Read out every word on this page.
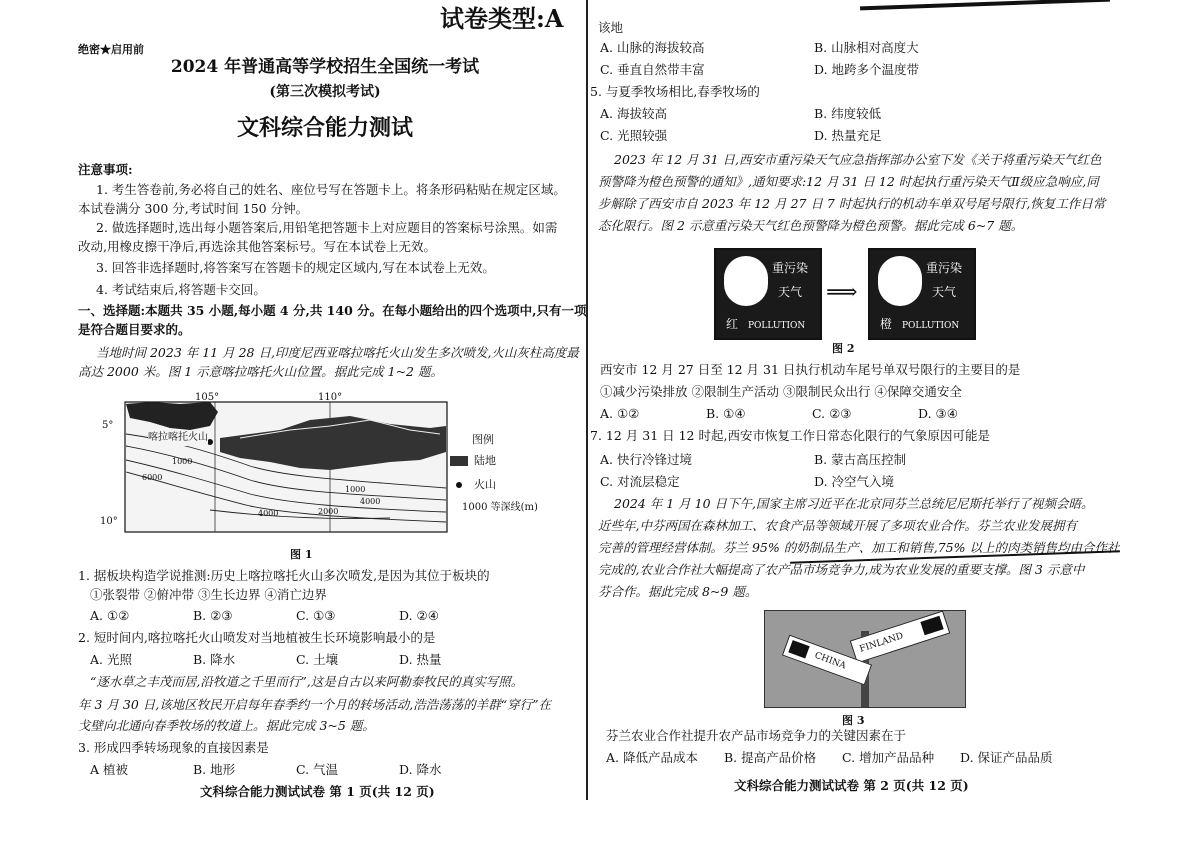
试卷类型:A
绝密★启用前
2024 年普通高等学校招生全国统一考试
(第三次模拟考试)
文科综合能力测试
注意事项:
1. 考生答卷前,务必将自己的姓名、座位号写在答题卡上。将条形码粘贴在规定区域。
本试卷满分 300 分,考试时间 150 分钟。
2. 做选择题时,选出每小题答案后,用铅笔把答题卡上对应题目的答案标号涂黑。如需
改动,用橡皮擦干净后,再选涂其他答案标号。写在本试卷上无效。
3. 回答非选择题时,将答案写在答题卡的规定区域内,写在本试卷上无效。
4. 考试结束后,将答题卡交回。
一、选择题:本题共 35 小题,每小题 4 分,共 140 分。在每小题给出的四个选项中,只有一项
是符合题目要求的。
当地时间 2023 年 11 月 28 日,印度尼西亚喀拉喀托火山发生多次喷发,火山灰柱高度最
高达 2000 米。图 1 示意喀拉喀托火山位置。据此完成 1~2 题。
105°	110°
5°
10°
喀拉喀托火山
1000
1000
4000
2000
4000
6000
图例
陆地
火山
1000 等深线(m)
图 1
1. 据板块构造学说推测:历史上喀拉喀托火山多次喷发,是因为其位于板块的
①张裂带 ②俯冲带 ③生长边界 ④消亡边界
A. ①②	B. ②③	C. ①③	D. ②④
2. 短时间内,喀拉喀托火山喷发对当地植被生长环境影响最小的是
A. 光照	B. 降水	C. 土壤	D. 热量
“逐水草之丰茂而居,沿牧道之千里而行”,这是自古以来阿勒泰牧民的真实写照。
年 3 月 30 日,该地区牧民开启每年春季约一个月的转场活动,浩浩荡荡的羊群“穿行”在
戈壁向北通向春季牧场的牧道上。据此完成 3~5 题。
3. 形成四季转场现象的直接因素是
A 植被	B. 地形	C. 气温	D. 降水
文科综合能力测试试卷 第 1 页(共 12 页)
该地
A. 山脉的海拔较高	B. 山脉相对高度大
C. 垂直自然带丰富	D. 地跨多个温度带
5. 与夏季牧场相比,春季牧场的
A. 海拔较高	B. 纬度较低
C. 光照较强	D. 热量充足
2023 年 12 月 31 日,西安市重污染天气应急指挥部办公室下发《关于将重污染天气红色
预警降为橙色预警的通知》,通知要求:12 月 31 日 12 时起执行重污染天气Ⅱ级应急响应,同
步解除了西安市自 2023 年 12 月 27 日 7 时起执行的机动车单双号尾号限行,恢复工作日常
态化限行。图 2 示意重污染天气红色预警降为橙色预警。据此完成 6~7 题。
重污染
天气
红 POLLUTION
⟹
重污染
天气
橙 POLLUTION
图 2
西安市 12 月 27 日至 12 月 31 日执行机动车尾号单双号限行的主要目的是
①减少污染排放 ②限制生产活动 ③限制民众出行 ④保障交通安全
A. ①②	B. ①④	C. ②③	D. ③④
7. 12 月 31 日 12 时起,西安市恢复工作日常态化限行的气象原因可能是
A. 快行冷锋过境	B. 蒙古高压控制
C. 对流层稳定	D. 冷空气入境
2024 年 1 月 10 日下午,国家主席习近平在北京同芬兰总统尼尼斯托举行了视频会晤。
近些年,中芬两国在森林加工、农食产品等领域开展了多项农业合作。芬兰农业发展拥有
完善的管理经营体制。芬兰 95% 的奶制品生产、加工和销售,75% 以上的肉类销售均由合作社
完成的,农业合作社大幅提高了农产品市场竞争力,成为农业发展的重要支撑。图 3 示意中
芬合作。据此完成 8~9 题。
FINLAND
CHINA
图 3
芬兰农业合作社提升农产品市场竞争力的关键因素在于
A. 降低产品成本	B. 提高产品价格	C. 增加产品品种	D. 保证产品品质
文科综合能力测试试卷 第 2 页(共 12 页)
